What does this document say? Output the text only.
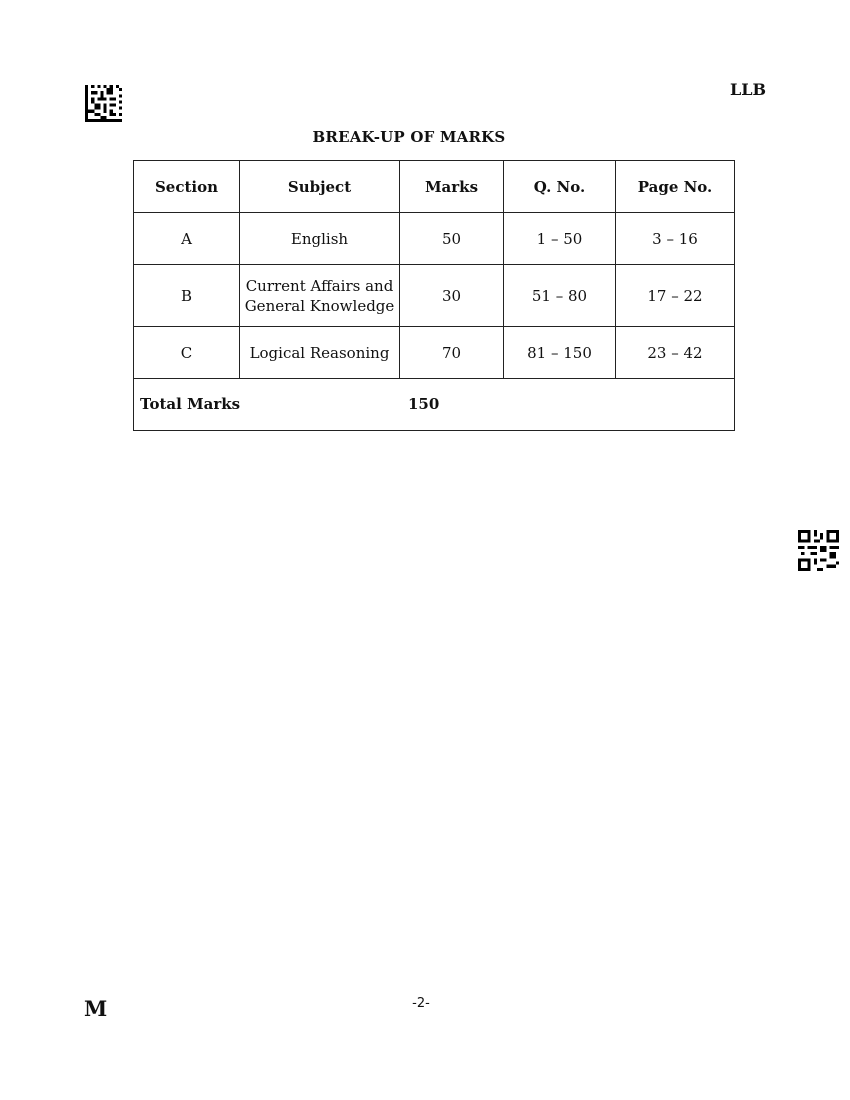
LLB
BREAK-UP OF MARKS
Section	Subject	Marks	Q. No.	Page No.
A	English	50	1 – 50	3 – 16
B	Current Affairs and General Knowledge	30	51 – 80	17 – 22
C	Logical Reasoning	70	81 – 150	23 – 42

Total Marks 150				
M	-2-
